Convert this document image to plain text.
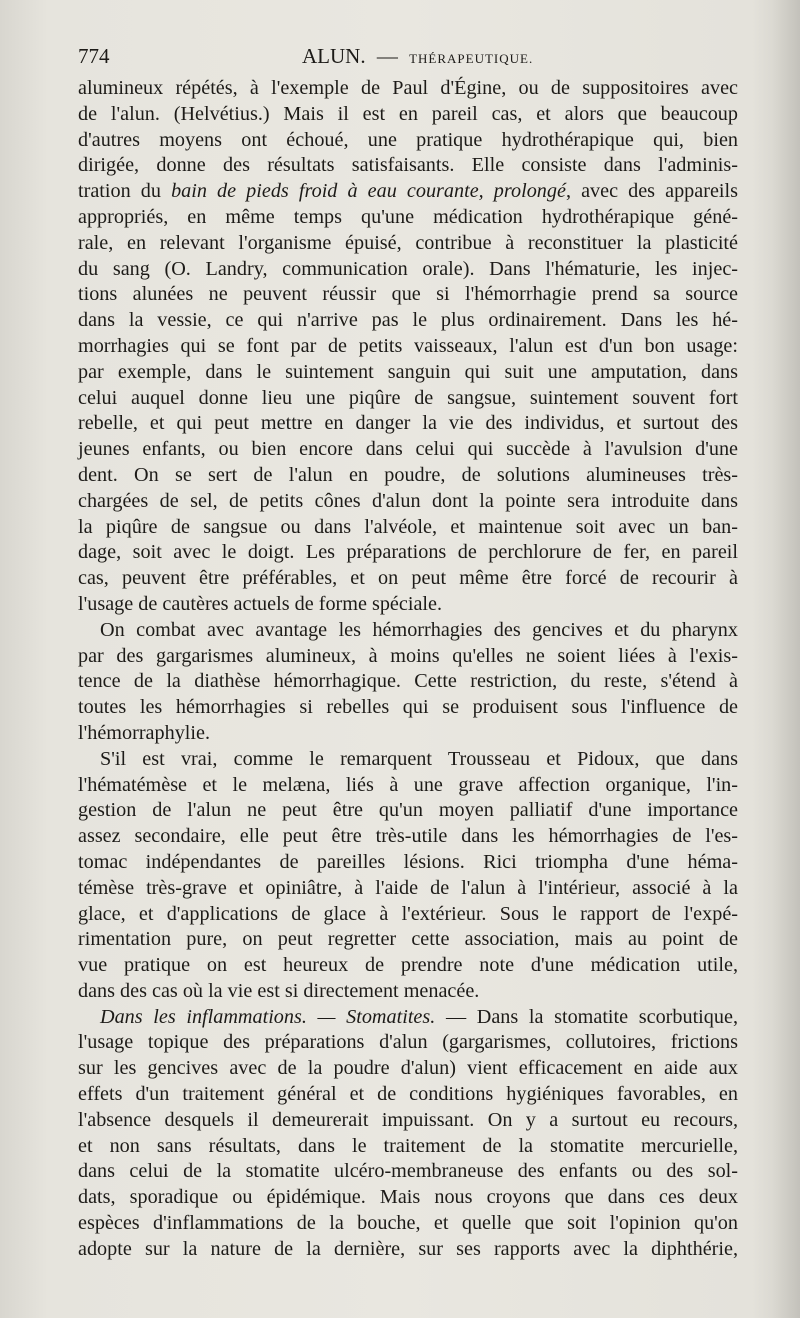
774	ALUN. — THÉRAPEUTIQUE.
alumineux répétés, à l'exemple de Paul d'Égine, ou de suppositoires avec
de l'alun. (Helvétius.) Mais il est en pareil cas, et alors que beaucoup
d'autres moyens ont échoué, une pratique hydrothérapique qui, bien
dirigée, donne des résultats satisfaisants. Elle consiste dans l'adminis-
tration du bain de pieds froid à eau courante, prolongé, avec des appareils
appropriés, en même temps qu'une médication hydrothérapique géné-
rale, en relevant l'organisme épuisé, contribue à reconstituer la plasticité
du sang (O. Landry, communication orale). Dans l'hématurie, les injec-
tions alunées ne peuvent réussir que si l'hémorrhagie prend sa source
dans la vessie, ce qui n'arrive pas le plus ordinairement. Dans les hé-
morrhagies qui se font par de petits vaisseaux, l'alun est d'un bon usage:
par exemple, dans le suintement sanguin qui suit une amputation, dans
celui auquel donne lieu une piqûre de sangsue, suintement souvent fort
rebelle, et qui peut mettre en danger la vie des individus, et surtout des
jeunes enfants, ou bien encore dans celui qui succède à l'avulsion d'une
dent. On se sert de l'alun en poudre, de solutions alumineuses très-
chargées de sel, de petits cônes d'alun dont la pointe sera introduite dans
la piqûre de sangsue ou dans l'alvéole, et maintenue soit avec un ban-
dage, soit avec le doigt. Les préparations de perchlorure de fer, en pareil
cas, peuvent être préférables, et on peut même être forcé de recourir à
l'usage de cautères actuels de forme spéciale.
On combat avec avantage les hémorrhagies des gencives et du pharynx
par des gargarismes alumineux, à moins qu'elles ne soient liées à l'exis-
tence de la diathèse hémorrhagique. Cette restriction, du reste, s'étend à
toutes les hémorrhagies si rebelles qui se produisent sous l'influence de
l'hémorraphylie.
S'il est vrai, comme le remarquent Trousseau et Pidoux, que dans
l'hématémèse et le melæna, liés à une grave affection organique, l'in-
gestion de l'alun ne peut être qu'un moyen palliatif d'une importance
assez secondaire, elle peut être très-utile dans les hémorrhagies de l'es-
tomac indépendantes de pareilles lésions. Rici triompha d'une héma-
témèse très-grave et opiniâtre, à l'aide de l'alun à l'intérieur, associé à la
glace, et d'applications de glace à l'extérieur. Sous le rapport de l'expé-
rimentation pure, on peut regretter cette association, mais au point de
vue pratique on est heureux de prendre note d'une médication utile,
dans des cas où la vie est si directement menacée.
Dans les inflammations. — Stomatites. — Dans la stomatite scorbutique,
l'usage topique des préparations d'alun (gargarismes, collutoires, frictions
sur les gencives avec de la poudre d'alun) vient efficacement en aide aux
effets d'un traitement général et de conditions hygiéniques favorables, en
l'absence desquels il demeurerait impuissant. On y a surtout eu recours,
et non sans résultats, dans le traitement de la stomatite mercurielle,
dans celui de la stomatite ulcéro-membraneuse des enfants ou des sol-
dats, sporadique ou épidémique. Mais nous croyons que dans ces deux
espèces d'inflammations de la bouche, et quelle que soit l'opinion qu'on
adopte sur la nature de la dernière, sur ses rapports avec la diphthérie,
